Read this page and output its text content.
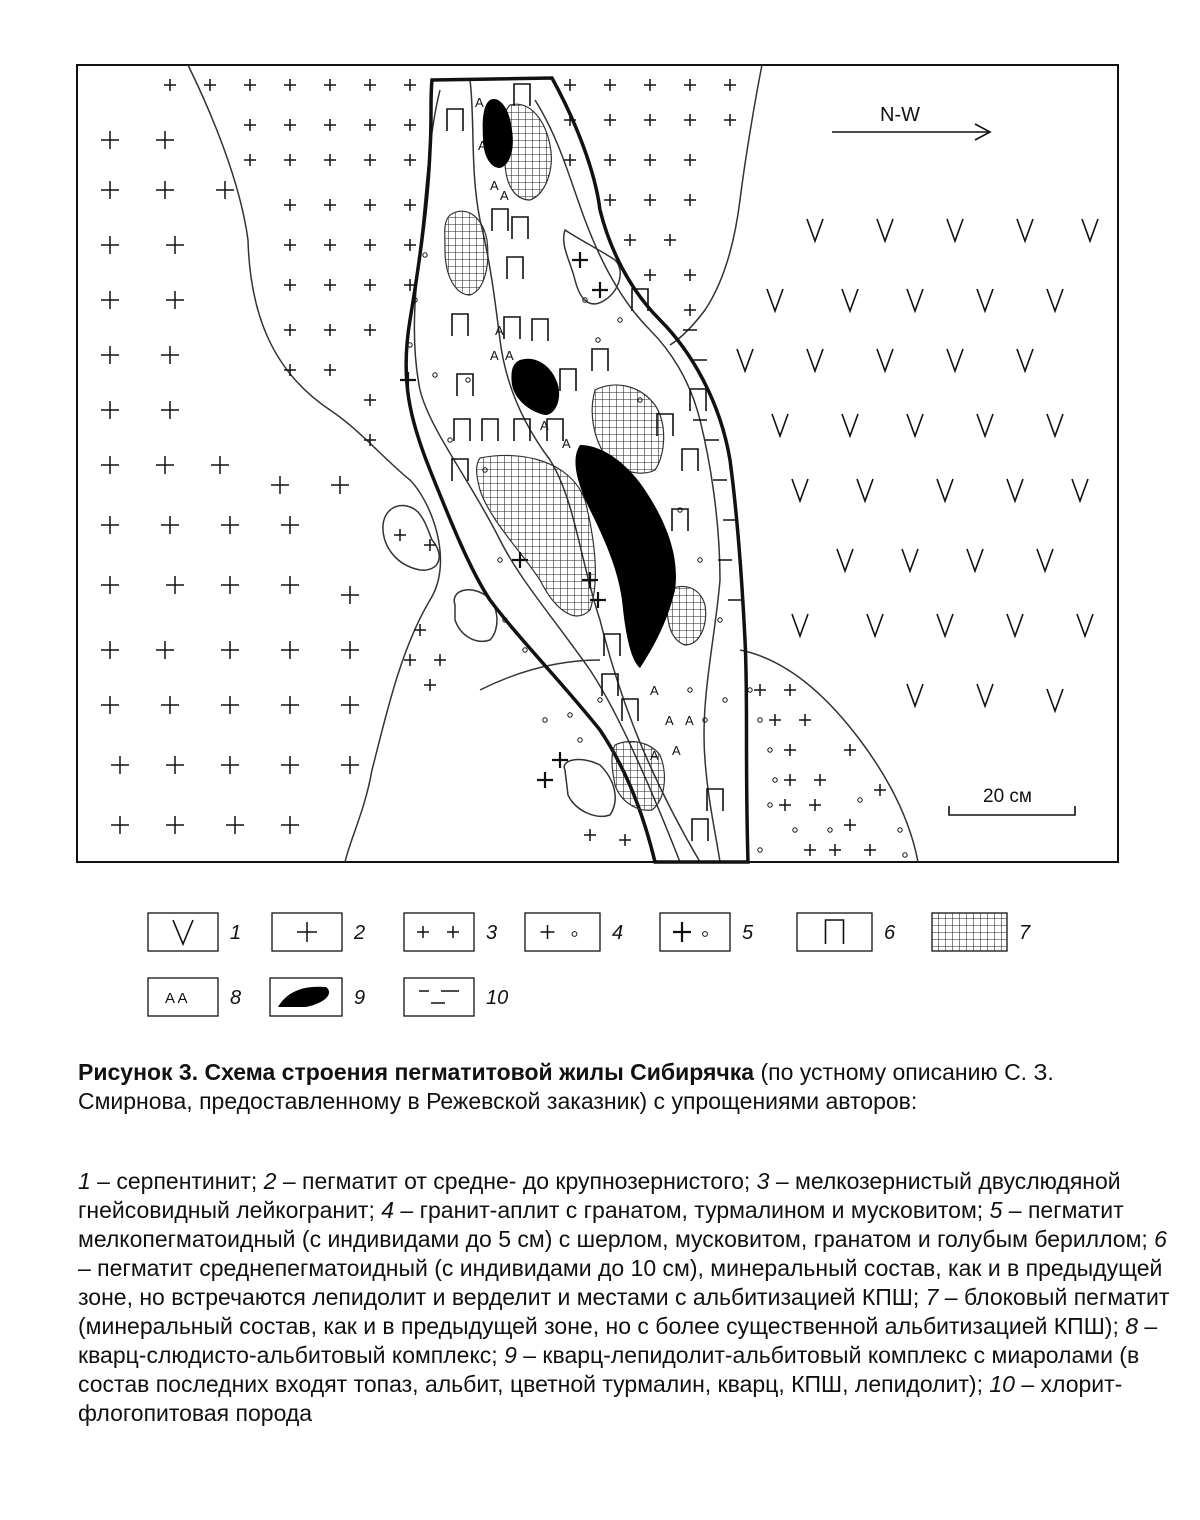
A
A
A
A
A
A
A
A
A
A
A
A
A
A
N-W
20 см
1	2	3	4	5	6	7
A A 8	9	10
Рисунок 3. Схема строения пегматитовой жилы Сибирячка (по устному описанию С. З. Смирнова, предоставленному в Режевской заказник) с упрощениями авторов:
1 – серпентинит; 2 – пегматит от средне- до крупнозернистого; 3 – мелкозернистый двуслюдяной гнейсовидный лейкогранит; 4 – гранит-аплит с гранатом, турмалином и мусковитом; 5 – пегматит мелкопегматоидный (с индивидами до 5 см) с шерлом, мусковитом, гранатом и голубым бериллом; 6 – пегматит среднепегматоидный (с индивидами до 10 см), минеральный состав, как и в предыдущей зоне, но встречаются лепидолит и верделит и местами с альбитизацией КПШ; 7 – блоковый пегматит (минеральный состав, как и в предыдущей зоне, но с более существенной альбитизацией КПШ); 8 – кварц-слюдисто-альбитовый комплекс; 9 – кварц-лепидолит-альбитовый комплекс с миаролами (в состав последних входят топаз, альбит, цветной турмалин, кварц, КПШ, лепидолит); 10 – хлорит-флогопитовая порода
